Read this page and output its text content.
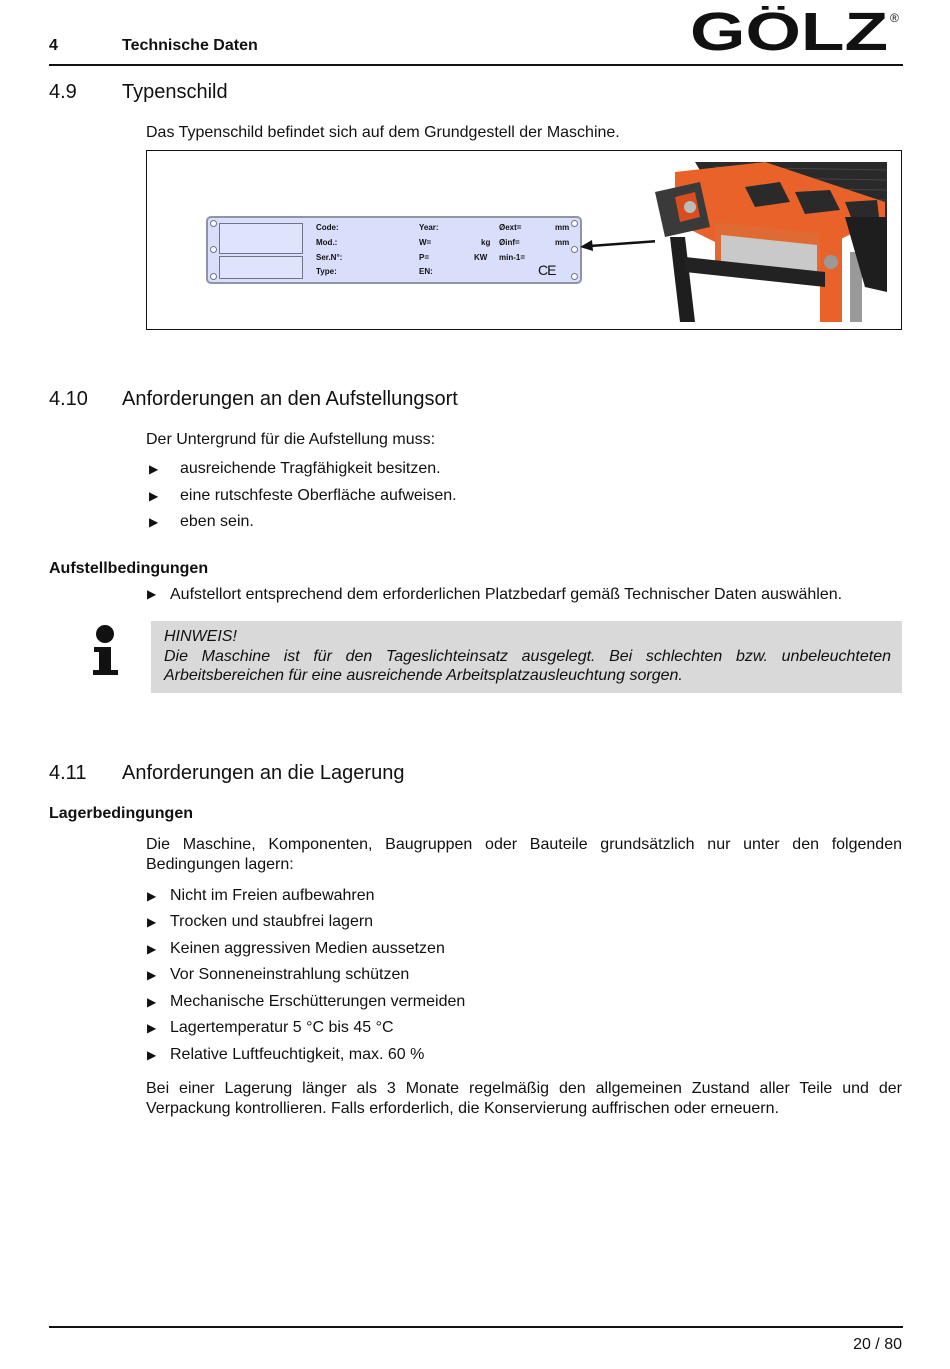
4	Technische Daten	GÖLZ ®
4.9 Typenschild
Das Typenschild befindet sich auf dem Grundgestell der Maschine.
Code:
Mod.:
Ser.N°:
Type:
Year:
W=
P=
EN:
kg
KW
Øext=
Øinf=
min-1=
mm
mm
CE
4.10 Anforderungen an den Aufstellungsort
Der Untergrund für die Aufstellung muss:
▶ ausreichende Tragfähigkeit besitzen.
▶ eine rutschfeste Oberfläche aufweisen.
▶ eben sein.
Aufstellbedingungen
▶ Aufstellort entsprechend dem erforderlichen Platzbedarf gemäß Technischer Daten auswählen.
HINWEIS!
Die Maschine ist für den Tageslichteinsatz ausgelegt. Bei schlechten bzw. unbeleuchteten Arbeitsbereichen für eine ausreichende Arbeitsplatzausleuchtung sorgen.
4.11 Anforderungen an die Lagerung
Lagerbedingungen
Die Maschine, Komponenten, Baugruppen oder Bauteile grundsätzlich nur unter den folgenden Bedingungen lagern:
▶ Nicht im Freien aufbewahren
▶ Trocken und staubfrei lagern
▶ Keinen aggressiven Medien aussetzen
▶ Vor Sonneneinstrahlung schützen
▶ Mechanische Erschütterungen vermeiden
▶ Lagertemperatur 5 °C bis 45 °C
▶ Relative Luftfeuchtigkeit, max. 60 %
Bei einer Lagerung länger als 3 Monate regelmäßig den allgemeinen Zustand aller Teile und der Verpackung kontrollieren. Falls erforderlich, die Konservierung auffrischen oder erneuern.
20 / 80
